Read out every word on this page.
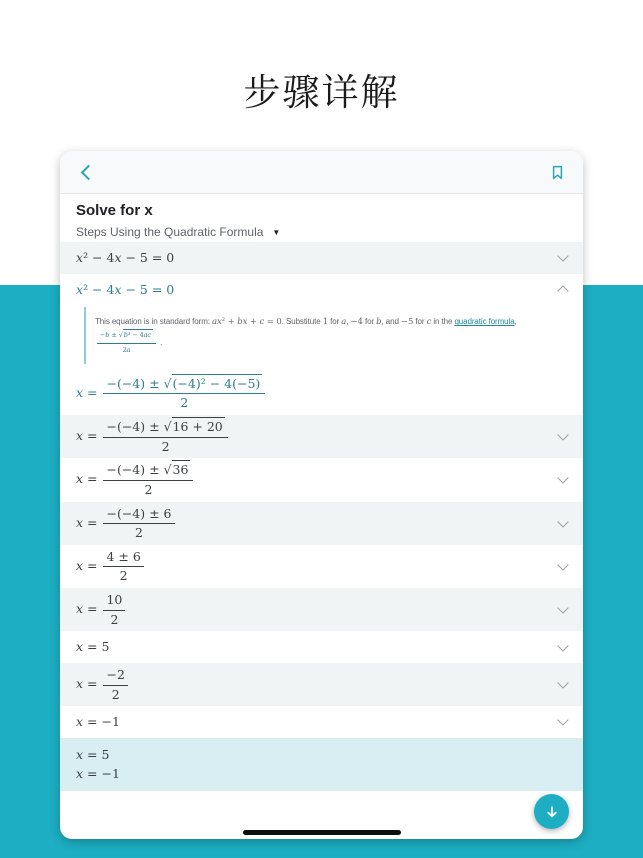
步骤详解
Solve for x
Steps Using the Quadratic Formula ▼
x² − 4x − 5 = 0
x² − 4x − 5 = 0
This equation is in standard form: ax² + bx + c = 0. Substitute 1 for a, −4 for b, and −5 for c in the quadratic formula,
$\frac{\text{−b ± √b² − 4ac}}{2a}$ .
$x = \frac{\text{−(−4) ± √(−4)² − 4(−5)}}{2}$
$x = \frac{-(-4) \pm √16 + 20}{2}$
$x = \frac{-(-4) \pm √36}{2}$
$x = \frac{-(-4) \pm 6}{2}$
$x = \frac{4 \pm 6}{2}$
$x = \frac{10}{2}$
x = 5
$x = \frac{-2}{2}$
x = −1
x = 5
x = −1
